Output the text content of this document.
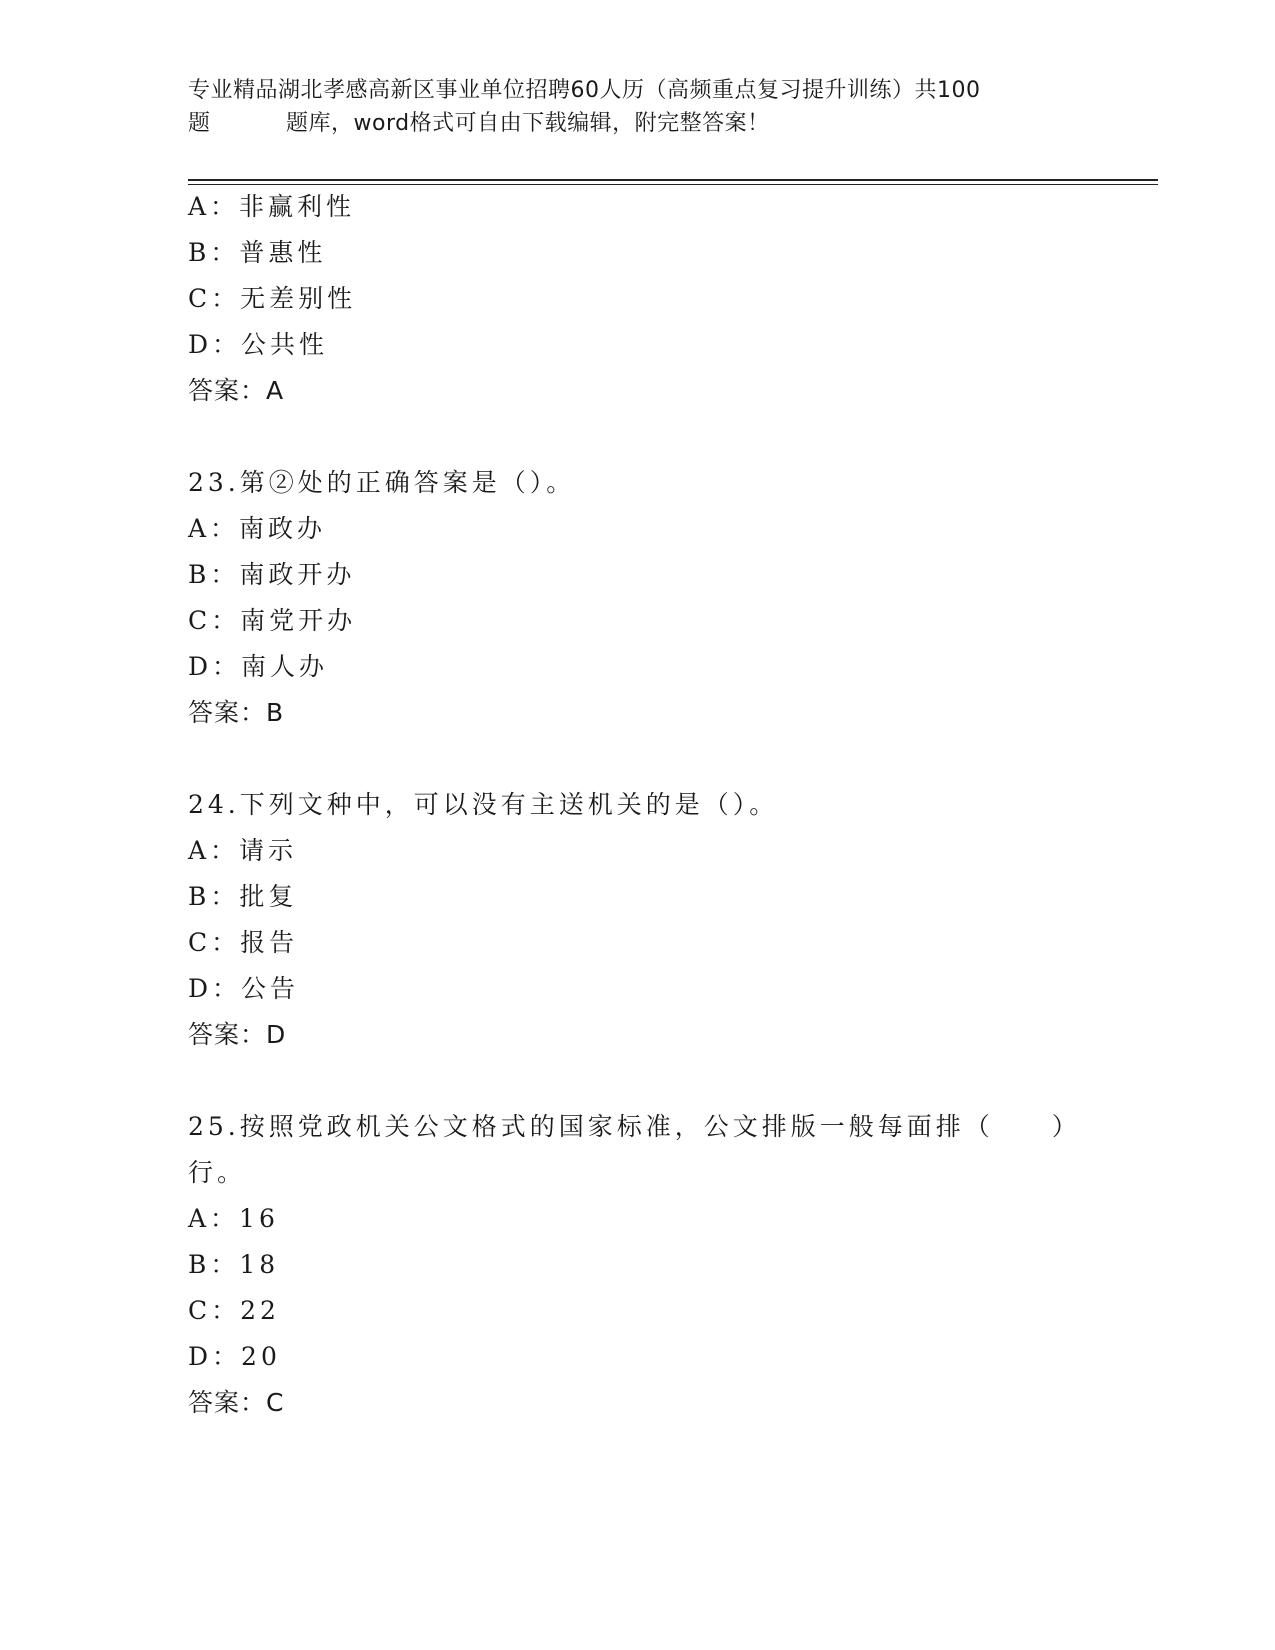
专业精品湖北孝感高新区事业单位招聘60人历（高频重点复习提升训练）共100
题	题库，word格式可自由下载编辑，附完整答案！
A：非赢利性
B：普惠性
C：无差别性
D：公共性
答案：A
23.第②处的正确答案是（）。
A：南政办
B：南政开办
C：南党开办
D：南人办
答案：B
24.下列文种中，可以没有主送机关的是（）。
A：请示
B：批复
C：报告
D：公告
答案：D
25.按照党政机关公文格式的国家标准，公文排版一般每面排（　　）
行。
A：16
B：18
C：22
D：20
答案：C
